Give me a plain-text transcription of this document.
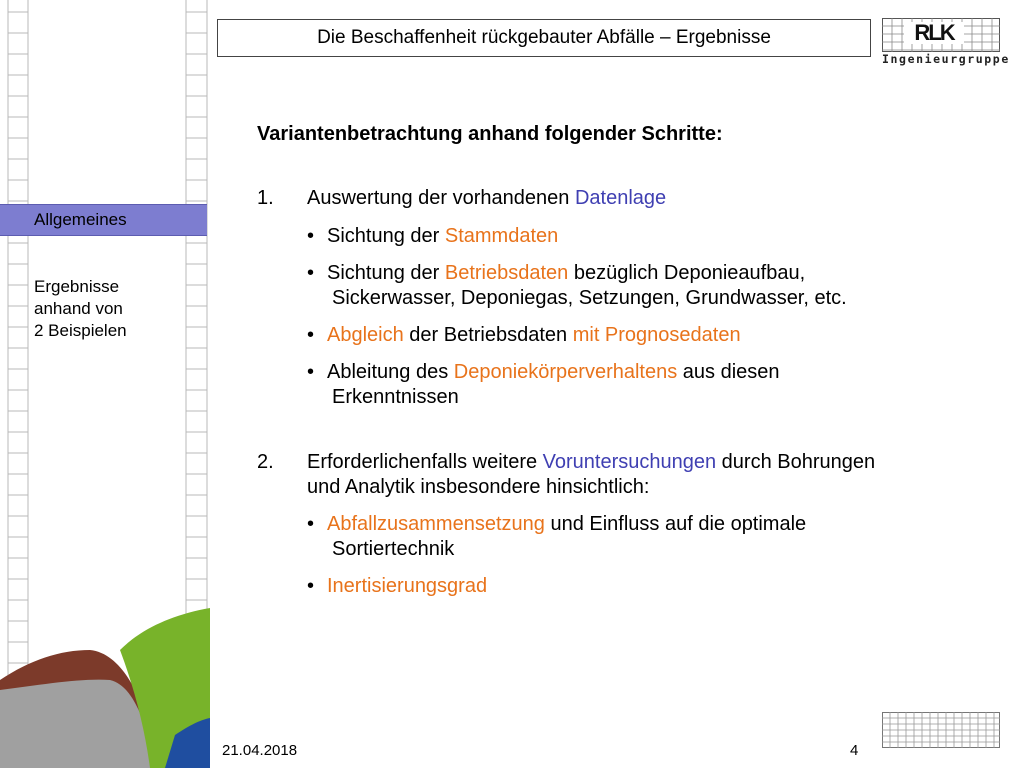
Die Beschaffenheit rückgebauter Abfälle – Ergebnisse	RLK
Ingenieurgruppe
Allgemeines
Ergebnisse
anhand von
2 Beispielen

Variantenbetrachtung anhand folgender Schritte:

1. Auswertung der vorhandenen Datenlage
• Sichtung der Stammdaten
• Sichtung der Betriebsdaten bezüglich Deponieaufbau,
Sickerwasser, Deponiegas, Setzungen, Grundwasser, etc.
• Abgleich der Betriebsdaten mit Prognosedaten
• Ableitung des Deponiekörperverhaltens aus diesen
Erkenntnissen
2. Erforderlichenfalls weitere Voruntersuchungen durch Bohrungen
und Analytik insbesondere hinsichtlich:
• Abfallzusammensetzung und Einfluss auf die optimale
Sortiertechnik
• Inertisierungsgrad
21.04.2018	4
